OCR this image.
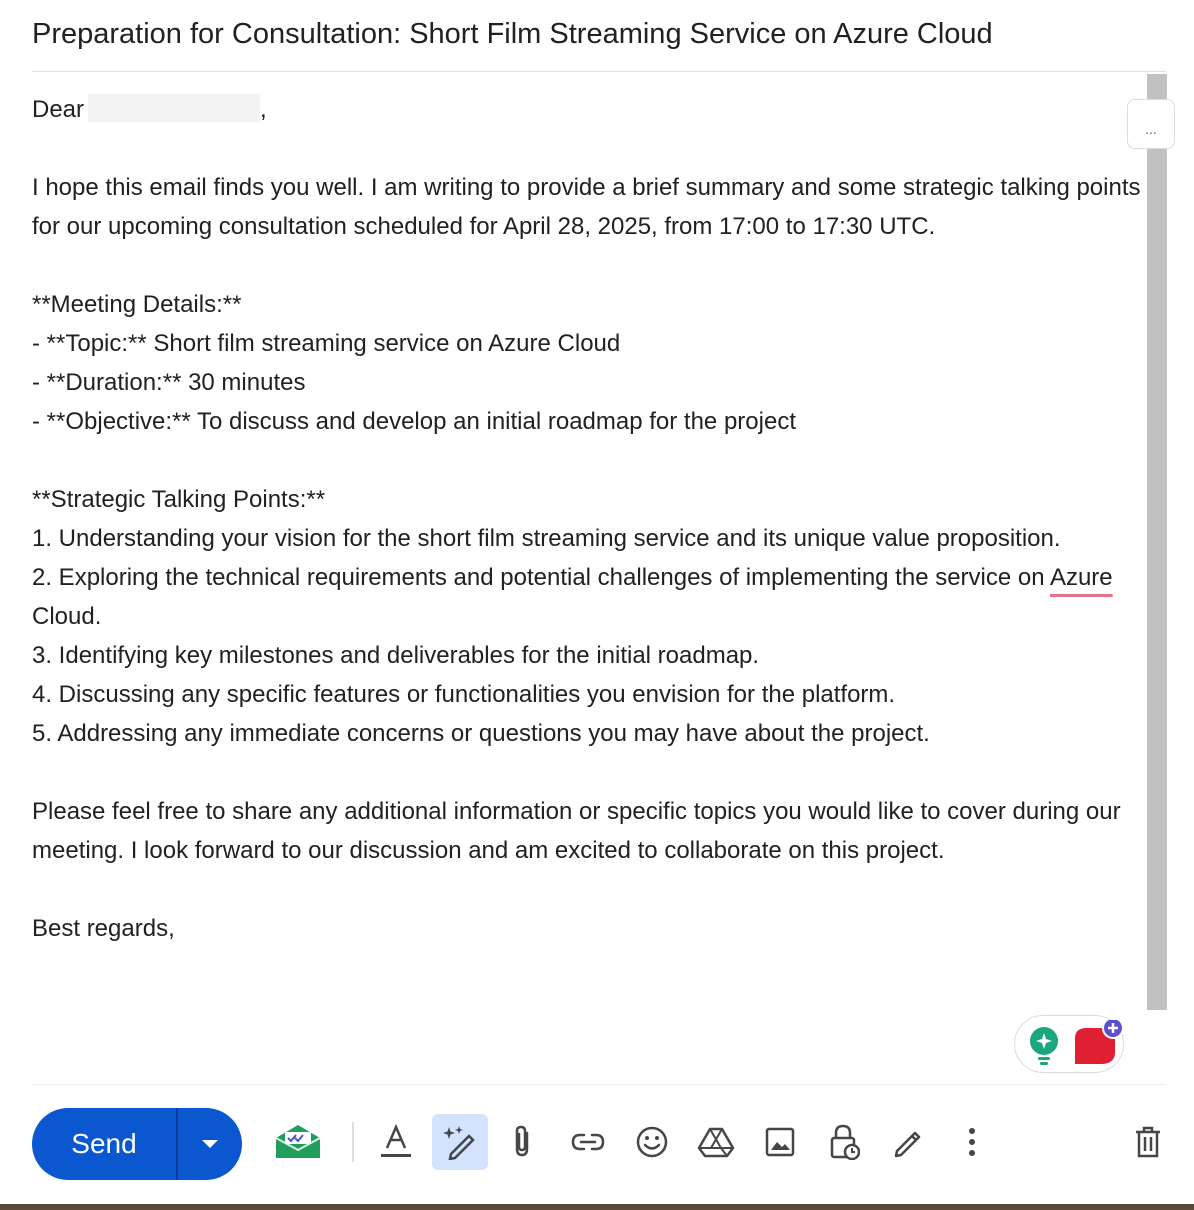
Preparation for Consultation: Short Film Streaming Service on Azure Cloud

Dear	,

I hope this email finds you well. I am writing to provide a brief summary and some strategic talking points for our upcoming consultation scheduled for April 28, 2025, from 17:00 to 17:30 UTC.

**Meeting Details:**

- **Topic:** Short film streaming service on Azure Cloud

- **Duration:** 30 minutes

- **Objective:** To discuss and develop an initial roadmap for the project

**Strategic Talking Points:**

1. Understanding your vision for the short film streaming service and its unique value proposition.

2. Exploring the technical requirements and potential challenges of implementing the service on Azure Cloud.

3. Identifying key milestones and deliverables for the initial roadmap.

4. Discussing any specific features or functionalities you envision for the platform.

5. Addressing any immediate concerns or questions you may have about the project.

Please feel free to share any additional information or specific topics you would like to cover during our meeting. I look forward to our discussion and am excited to collaborate on this project.

Best regards,

...
Send
